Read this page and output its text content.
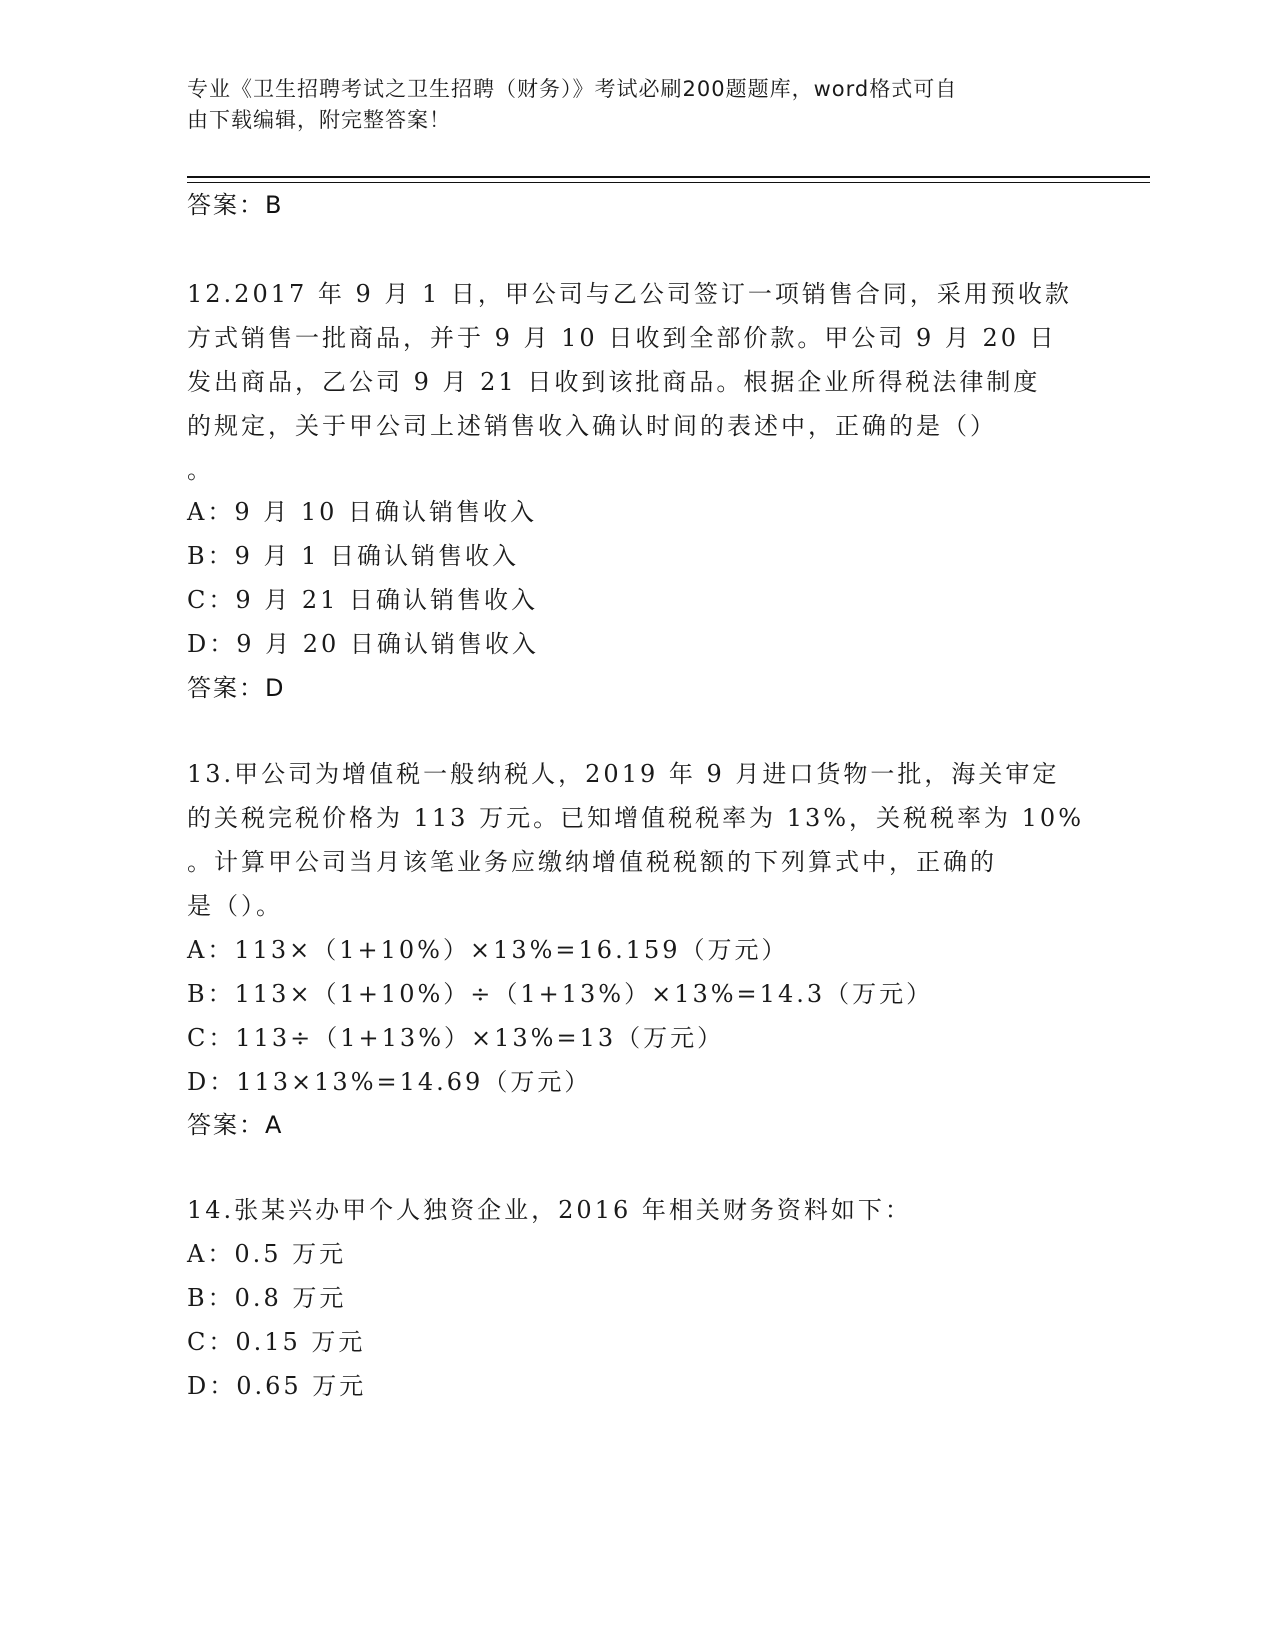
专业《卫生招聘考试之卫生招聘（财务）》考试必刷200题题库，word格式可自
由下载编辑，附完整答案！
答案：B
12.2017 年 9 月 1 日，甲公司与乙公司签订一项销售合同，采用预收款
方式销售一批商品，并于 9 月 10 日收到全部价款。甲公司 9 月 20 日
发出商品，乙公司 9 月 21 日收到该批商品。根据企业所得税法律制度
的规定，关于甲公司上述销售收入确认时间的表述中，正确的是（）
。
A：9 月 10 日确认销售收入
B：9 月 1 日确认销售收入
C：9 月 21 日确认销售收入
D：9 月 20 日确认销售收入
答案：D
13.甲公司为增值税一般纳税人，2019 年 9 月进口货物一批，海关审定
的关税完税价格为 113 万元。已知增值税税率为 13%，关税税率为 10%
。计算甲公司当月该笔业务应缴纳增值税税额的下列算式中，正确的
是（）。
A：113×（1+10%）×13%=16.159（万元）
B：113×（1+10%）÷（1+13%）×13%=14.3（万元）
C：113÷（1+13%）×13%=13（万元）
D：113×13%=14.69（万元）
答案：A
14.张某兴办甲个人独资企业，2016 年相关财务资料如下：
A：0.5 万元
B：0.8 万元
C：0.15 万元
D：0.65 万元
